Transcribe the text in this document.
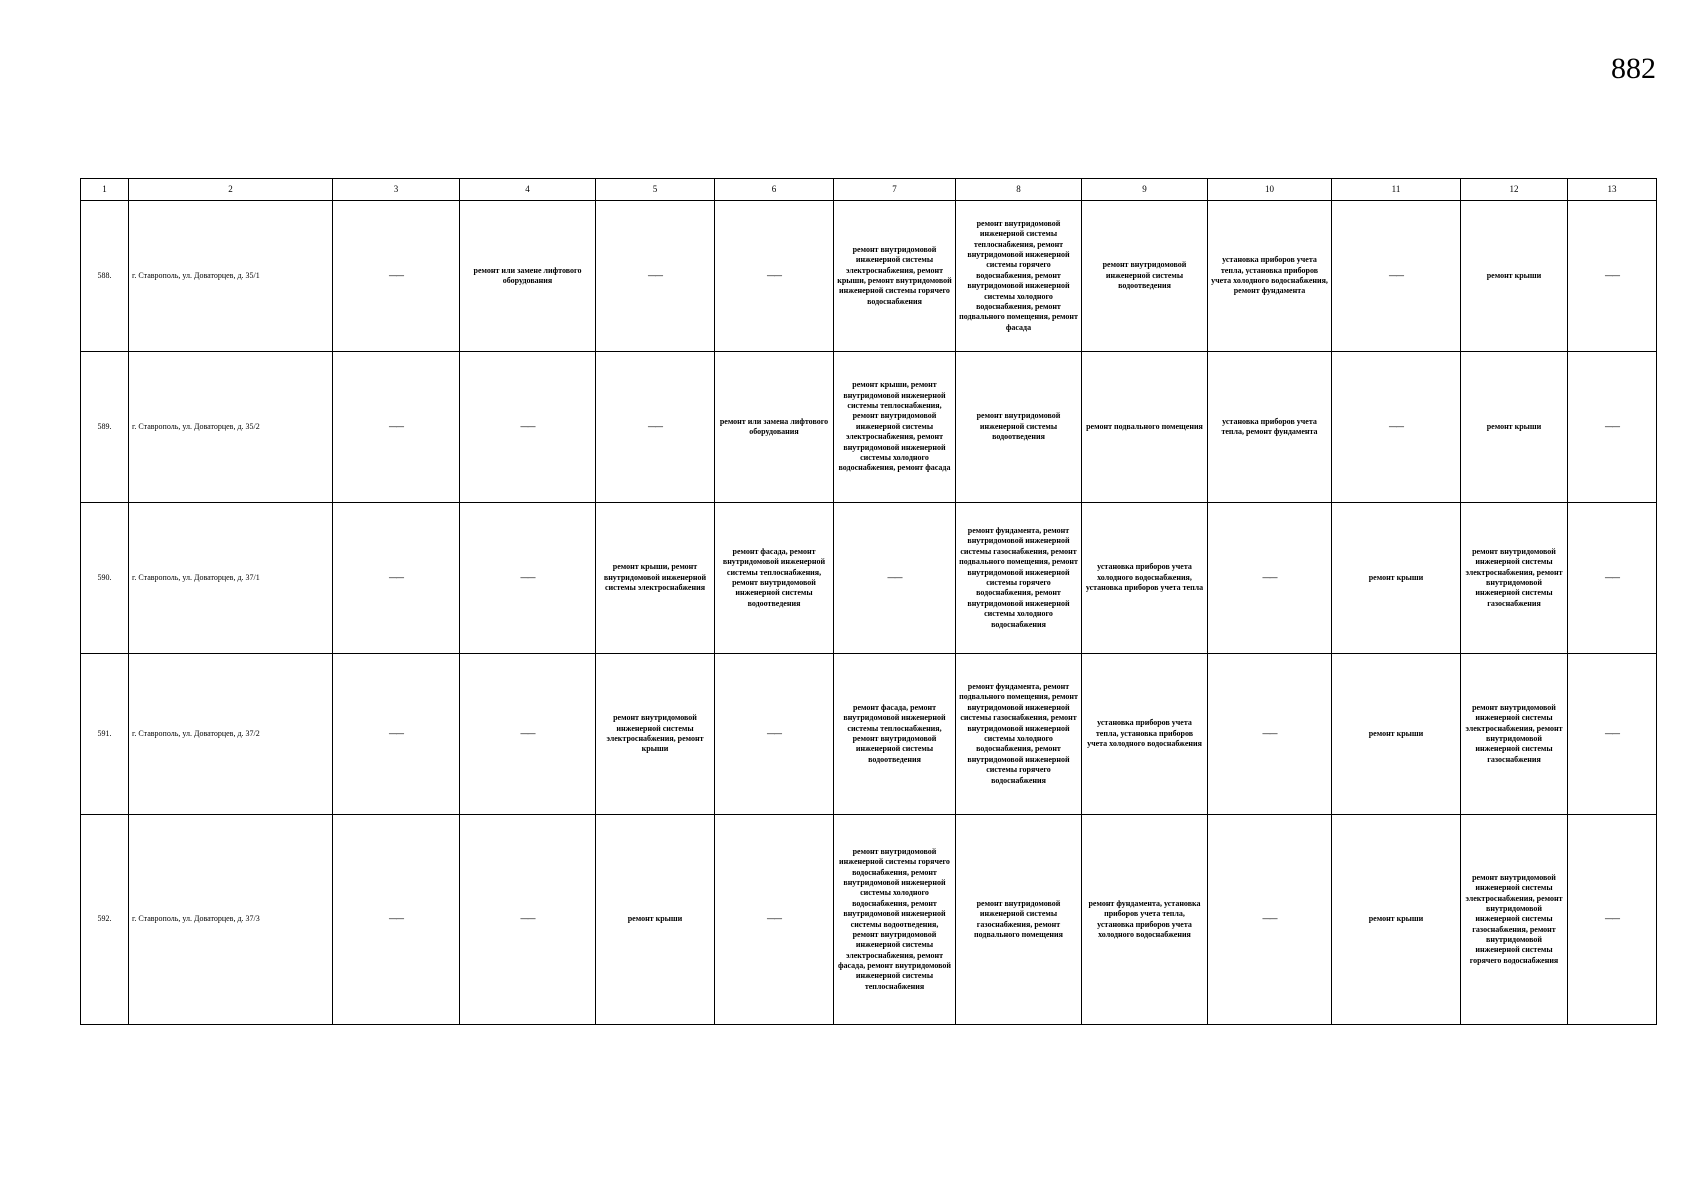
882
1	2	3	4	5	6	7	8	9	10	11	12	13
588.	г. Ставрополь, ул. Доваторцев, д. 35/1	——	ремонт или замене лифтового оборудования	——	——	ремонт внутридомовой инженерной системы электроснабжения, ремонт крыши, ремонт внутридомовой инженерной системы горячего водоснабжения	ремонт внутридомовой инженерной системы теплоснабжения, ремонт внутридомовой инженерной системы горячего водоснабжения, ремонт внутридомовой инженерной системы холодного водоснабжения, ремонт подвального помещения, ремонт фасада	ремонт внутридомовой инженерной системы водоотведения	установка приборов учета тепла, установка приборов учета холодного водоснабжения, ремонт фундамента	——	ремонт крыши	——
589.	г. Ставрополь, ул. Доваторцев, д. 35/2	——	——	——	ремонт или замена лифтового оборудования	ремонт крыши, ремонт внутридомовой инженерной системы теплоснабжения, ремонт внутридомовой инженерной системы электроснабжения, ремонт внутридомовой инженерной системы холодного водоснабжения, ремонт фасада	ремонт внутридомовой инженерной системы водоотведения	ремонт подвального помещения	установка приборов учета тепла, ремонт фундамента	——	ремонт крыши	——
590.	г. Ставрополь, ул. Доваторцев, д. 37/1	——	——	ремонт крыши, ремонт внутридомовой инженерной системы электроснабжения	ремонт фасада, ремонт внутридомовой инженерной системы теплоснабжения, ремонт внутридомовой инженерной системы водоотведения	——	ремонт фундамента, ремонт внутридомовой инженерной системы газоснабжения, ремонт подвального помещения, ремонт внутридомовой инженерной системы горячего водоснабжения, ремонт внутридомовой инженерной системы холодного водоснабжения	установка приборов учета холодного водоснабжения, установка приборов учета тепла	——	ремонт крыши	ремонт внутридомовой инженерной системы электроснабжения, ремонт внутридомовой инженерной системы газоснабжения	——
591.	г. Ставрополь, ул. Доваторцев, д. 37/2	——	——	ремонт внутридомовой инженерной системы электроснабжения, ремонт крыши	——	ремонт фасада, ремонт внутридомовой инженерной системы теплоснабжения, ремонт внутридомовой инженерной системы водоотведения	ремонт фундамента, ремонт подвального помещения, ремонт внутридомовой инженерной системы газоснабжения, ремонт внутридомовой инженерной системы холодного водоснабжения, ремонт внутридомовой инженерной системы горячего водоснабжения	установка приборов учета тепла, установка приборов учета холодного водоснабжения	——	ремонт крыши	ремонт внутридомовой инженерной системы электроснабжения, ремонт внутридомовой инженерной системы газоснабжения	——
592.	г. Ставрополь, ул. Доваторцев, д. 37/3	——	——	ремонт крыши	——	ремонт внутридомовой инженерной системы горячего водоснабжения, ремонт внутридомовой инженерной системы холодного водоснабжения, ремонт внутридомовой инженерной системы водоотведения, ремонт внутридомовой инженерной системы электроснабжения, ремонт фасада, ремонт внутридомовой инженерной системы теплоснабжения	ремонт внутридомовой инженерной системы газоснабжения, ремонт подвального помещения	ремонт фундамента, установка приборов учета тепла, установка приборов учета холодного водоснабжения	——	ремонт крыши	ремонт внутридомовой инженерной системы электроснабжения, ремонт внутридомовой инженерной системы газоснабжения, ремонт внутридомовой инженерной системы горячего водоснабжения	——
